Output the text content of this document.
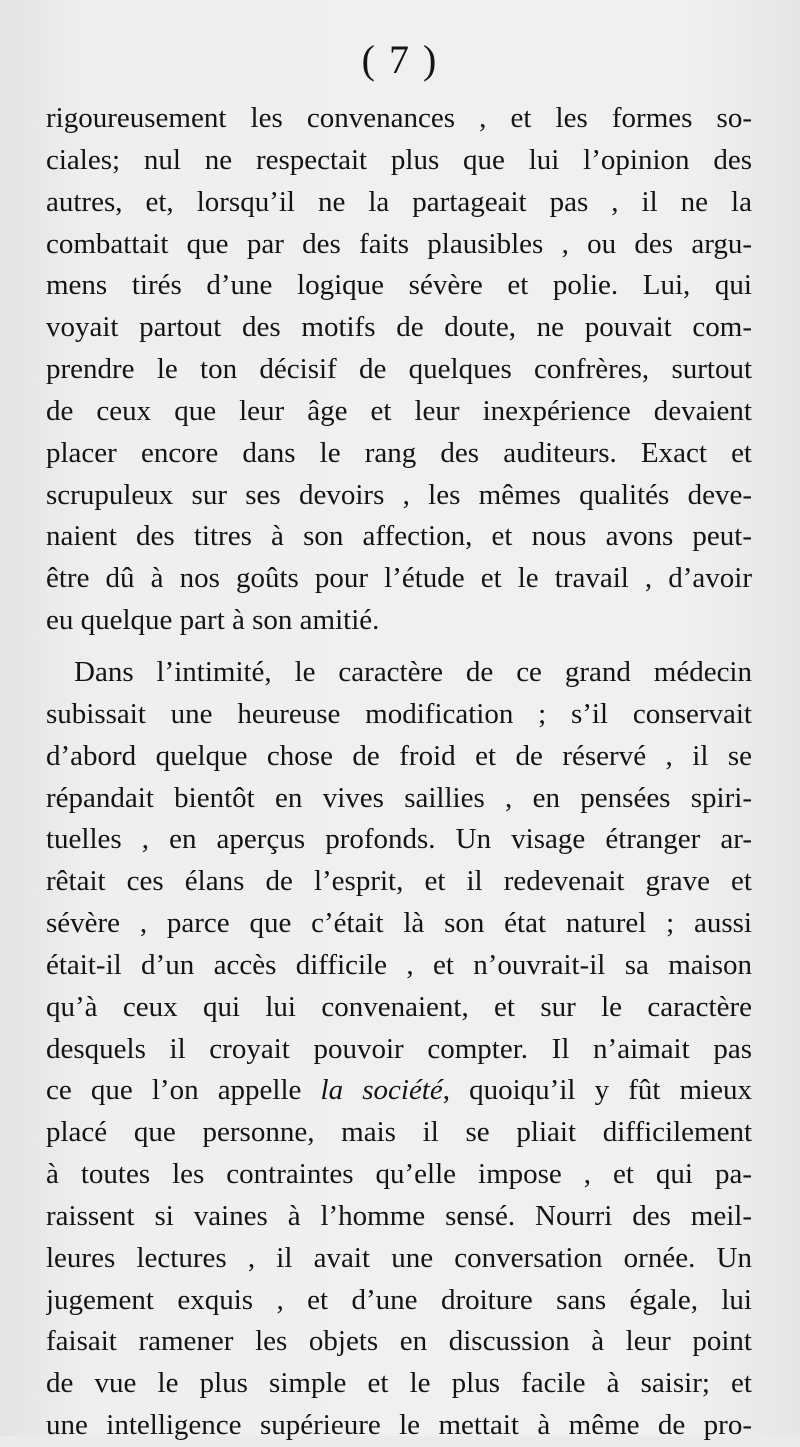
( 7 )
rigoureusement les convenances , et les formes so-
ciales; nul ne respectait plus que lui l’opinion des
autres, et, lorsqu’il ne la partageait pas , il ne la
combattait que par des faits plausibles , ou des argu-
mens tirés d’une logique sévère et polie. Lui, qui
voyait partout des motifs de doute, ne pouvait com-
prendre le ton décisif de quelques confrères, surtout
de ceux que leur âge et leur inexpérience devaient
placer encore dans le rang des auditeurs. Exact et
scrupuleux sur ses devoirs , les mêmes qualités deve-
naient des titres à son affection, et nous avons peut-
être dû à nos goûts pour l’étude et le travail , d’avoir
eu quelque part à son amitié.
Dans l’intimité, le caractère de ce grand médecin
subissait une heureuse modification ; s’il conservait
d’abord quelque chose de froid et de réservé , il se
répandait bientôt en vives saillies , en pensées spiri-
tuelles , en aperçus profonds. Un visage étranger ar-
rêtait ces élans de l’esprit, et il redevenait grave et
sévère , parce que c’était là son état naturel ; aussi
était-il d’un accès difficile , et n’ouvrait-il sa maison
qu’à ceux qui lui convenaient, et sur le caractère
desquels il croyait pouvoir compter. Il n’aimait pas
ce que l’on appelle la société, quoiqu’il y fût mieux
placé que personne, mais il se pliait difficilement
à toutes les contraintes qu’elle impose , et qui pa-
raissent si vaines à l’homme sensé. Nourri des meil-
leures lectures , il avait une conversation ornée. Un
jugement exquis , et d’une droiture sans égale, lui
faisait ramener les objets en discussion à leur point
de vue le plus simple et le plus facile à saisir; et
une intelligence supérieure le mettait à même de pro-
